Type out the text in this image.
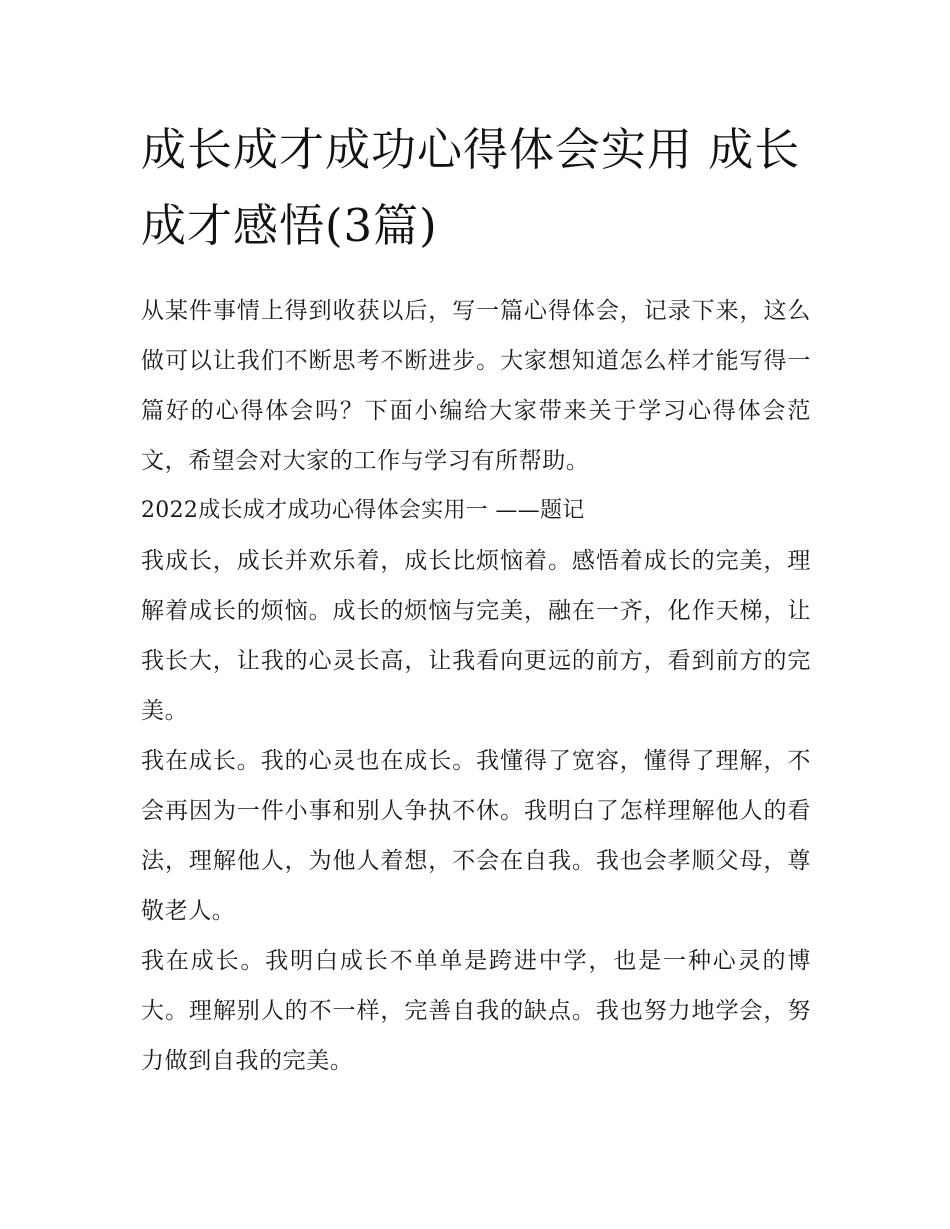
成长成才成功心得体会实用 成长成才感悟(3篇)

从某件事情上得到收获以后，写一篇心得体会，记录下来，这么做可以让我们不断思考不断进步。大家想知道怎么样才能写得一篇好的心得体会吗？下面小编给大家带来关于学习心得体会范文，希望会对大家的工作与学习有所帮助。

2022成长成才成功心得体会实用一 ——题记

我成长，成长并欢乐着，成长比烦恼着。感悟着成长的完美，理解着成长的烦恼。成长的烦恼与完美，融在一齐，化作天梯，让我长大，让我的心灵长高，让我看向更远的前方，看到前方的完美。

我在成长。我的心灵也在成长。我懂得了宽容，懂得了理解，不会再因为一件小事和别人争执不休。我明白了怎样理解他人的看法，理解他人，为他人着想，不会在自我。我也会孝顺父母，尊敬老人。

我在成长。我明白成长不单单是跨进中学，也是一种心灵的博大。理解别人的不一样，完善自我的缺点。我也努力地学会，努力做到自我的完美。
